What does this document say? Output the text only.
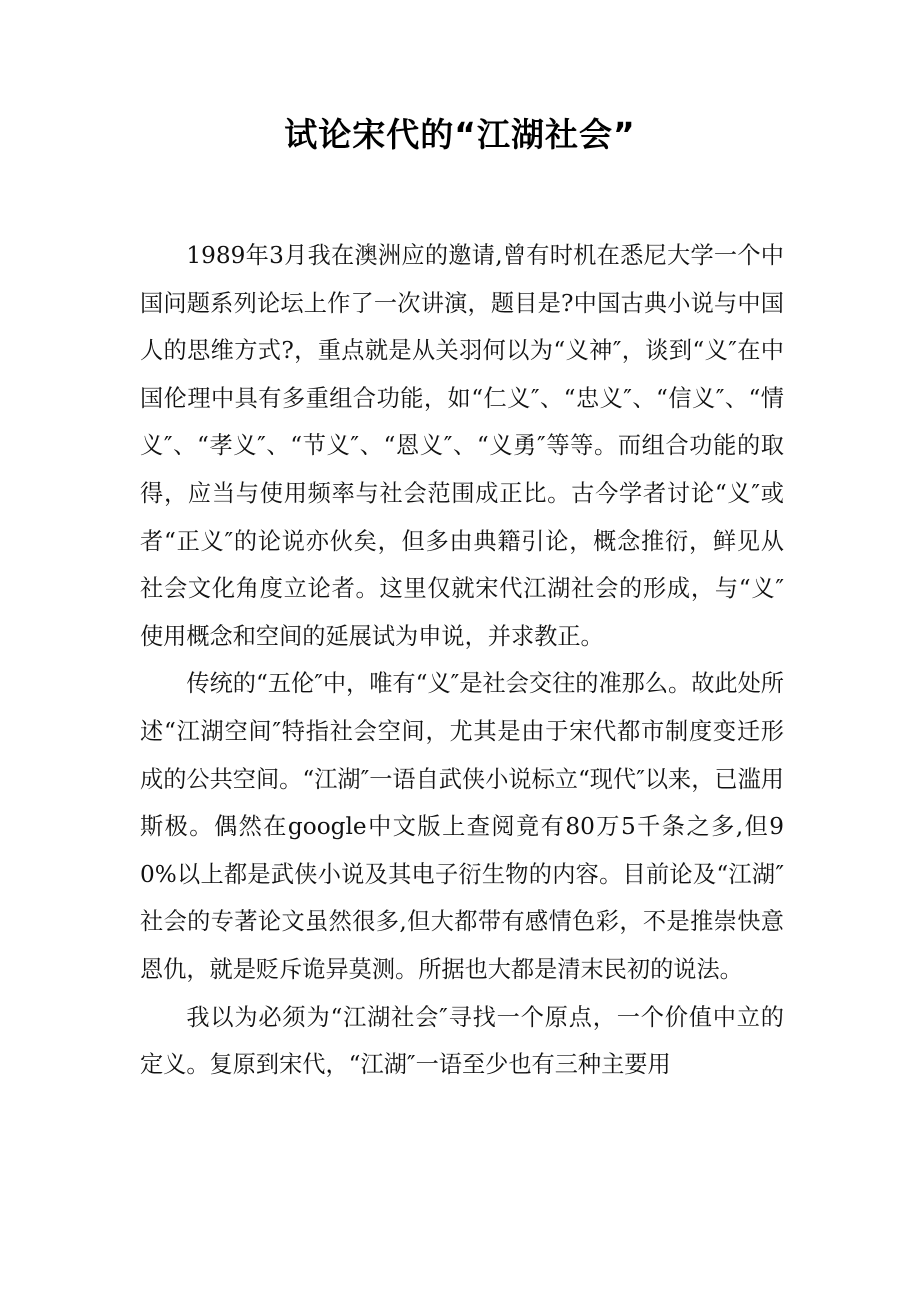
试论宋代的“江湖社会”

1989年3月我在澳洲应的邀请,曾有时机在悉尼大学一个中国问题系列论坛上作了一次讲演，题目是?中国古典小说与中国人的思维方式?，重点就是从关羽何以为“义神″，谈到“义″在中国伦理中具有多重组合功能，如“仁义″、“忠义″、“信义″、“情义″、“孝义″、“节义″、“恩义″、“义勇″等等。而组合功能的取得，应当与使用频率与社会范围成正比。古今学者讨论“义″或者“正义″的论说亦伙矣，但多由典籍引论，概念推衍，鲜见从社会文化角度立论者。这里仅就宋代江湖社会的形成，与“义″使用概念和空间的延展试为申说，并求教正。

传统的“五伦″中，唯有“义″是社会交往的准那么。故此处所述“江湖空间″特指社会空间，尤其是由于宋代都市制度变迁形成的公共空间。“江湖″一语自武侠小说标立“现代″以来，已滥用斯极。偶然在google中文版上查阅竟有80万5千条之多,但90%以上都是武侠小说及其电子衍生物的内容。目前论及“江湖″社会的专著论文虽然很多,但大都带有感情色彩，不是推崇快意恩仇，就是贬斥诡异莫测。所据也大都是清末民初的说法。

我以为必须为“江湖社会″寻找一个原点，一个价值中立的定义。复原到宋代，“江湖″一语至少也有三种主要用
